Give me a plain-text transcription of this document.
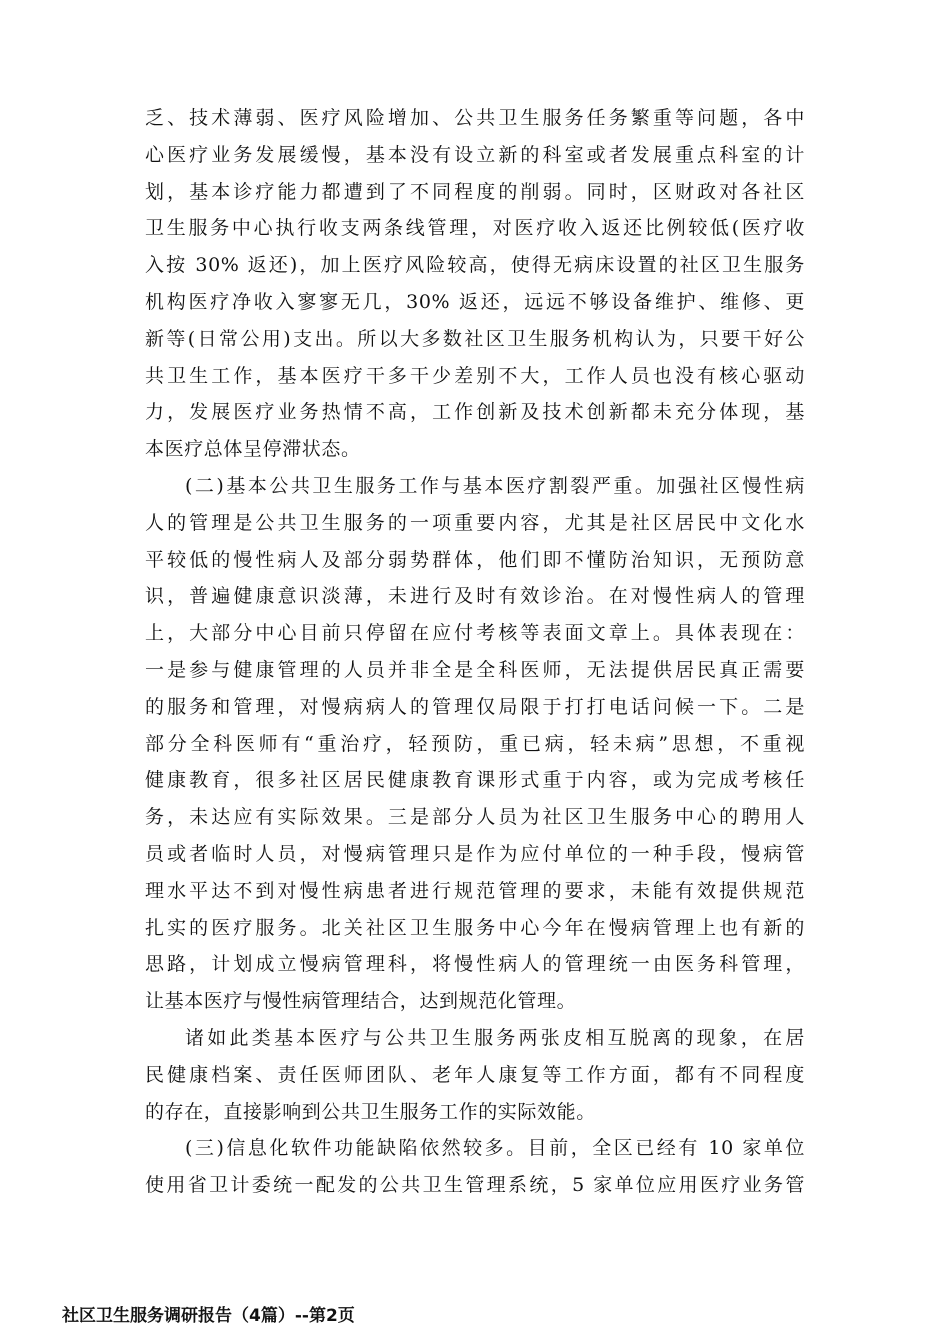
乏、技术薄弱、医疗风险增加、公共卫生服务任务繁重等问题，各中
心医疗业务发展缓慢，基本没有设立新的科室或者发展重点科室的计
划，基本诊疗能力都遭到了不同程度的削弱。同时，区财政对各社区
卫生服务中心执行收支两条线管理，对医疗收入返还比例较低(医疗收
入按 30% 返还)，加上医疗风险较高，使得无病床设置的社区卫生服务
机构医疗净收入寥寥无几，30% 返还，远远不够设备维护、维修、更
新等(日常公用)支出。所以大多数社区卫生服务机构认为，只要干好公
共卫生工作，基本医疗干多干少差别不大，工作人员也没有核心驱动
力，发展医疗业务热情不高，工作创新及技术创新都未充分体现，基
本医疗总体呈停滞状态。
(二)基本公共卫生服务工作与基本医疗割裂严重。加强社区慢性病
人的管理是公共卫生服务的一项重要内容，尤其是社区居民中文化水
平较低的慢性病人及部分弱势群体，他们即不懂防治知识，无预防意
识，普遍健康意识淡薄，未进行及时有效诊治。在对慢性病人的管理
上，大部分中心目前只停留在应付考核等表面文章上。具体表现在：
一是参与健康管理的人员并非全是全科医师，无法提供居民真正需要
的服务和管理，对慢病病人的管理仅局限于打打电话问候一下。二是
部分全科医师有“重治疗，轻预防，重已病，轻未病”思想，不重视
健康教育，很多社区居民健康教育课形式重于内容，或为完成考核任
务，未达应有实际效果。三是部分人员为社区卫生服务中心的聘用人
员或者临时人员，对慢病管理只是作为应付单位的一种手段，慢病管
理水平达不到对慢性病患者进行规范管理的要求，未能有效提供规范
扎实的医疗服务。北关社区卫生服务中心今年在慢病管理上也有新的
思路，计划成立慢病管理科，将慢性病人的管理统一由医务科管理，
让基本医疗与慢性病管理结合，达到规范化管理。
诸如此类基本医疗与公共卫生服务两张皮相互脱离的现象，在居
民健康档案、责任医师团队、老年人康复等工作方面，都有不同程度
的存在，直接影响到公共卫生服务工作的实际效能。
(三)信息化软件功能缺陷依然较多。目前，全区已经有 10 家单位
使用省卫计委统一配发的公共卫生管理系统，5 家单位应用医疗业务管
社区卫生服务调研报告（4篇）--第2页
